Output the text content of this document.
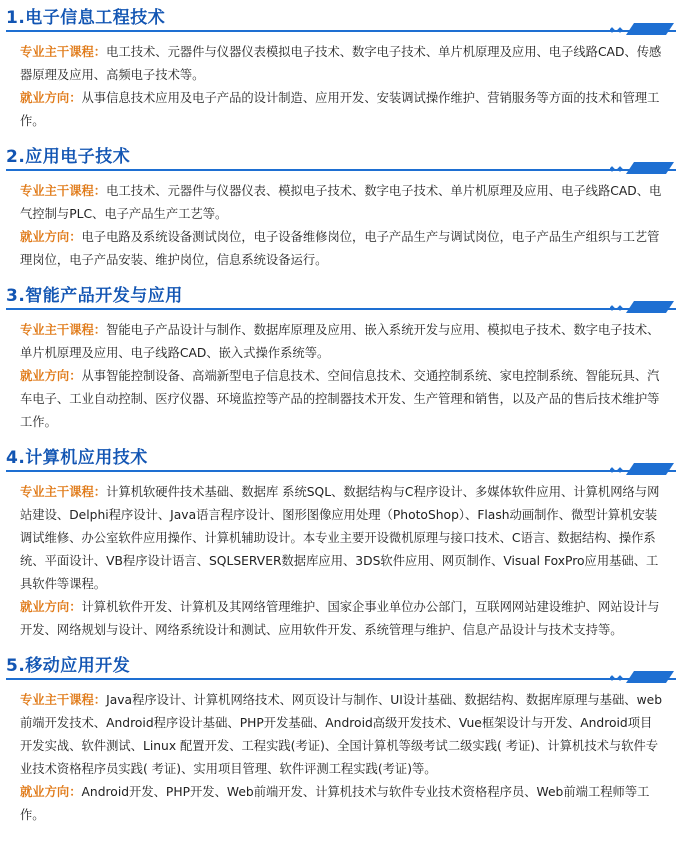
1.电子信息工程技术

专业主干课程：电工技术、元器件与仪器仪表模拟电子技术、数字电子技术、单片机原理及应用、电子线路CAD、传感器原理及应用、高频电子技术等。

就业方向：从事信息技术应用及电子产品的设计制造、应用开发、安装调试操作维护、营销服务等方面的技术和管理工作。

2.应用电子技术

专业主干课程：电工技术、元器件与仪器仪表、模拟电子技术、数字电子技术、单片机原理及应用、电子线路CAD、电气控制与PLC、电子产品生产工艺等。

就业方向：电子电路及系统设备测试岗位，电子设备维修岗位，电子产品生产与调试岗位，电子产品生产组织与工艺管理岗位，电子产品安装、维护岗位，信息系统设备运行。

3.智能产品开发与应用

专业主干课程：智能电子产品设计与制作、数据库原理及应用、嵌入系统开发与应用、模拟电子技术、数字电子技术、单片机原理及应用、电子线路CAD、嵌入式操作系统等。

就业方向：从事智能控制设备、高端新型电子信息技术、空间信息技术、交通控制系统、家电控制系统、智能玩具、汽车电子、工业自动控制、医疗仪器、环境监控等产品的控制器技术开发、生产管理和销售，以及产品的售后技术维护等工作。

4.计算机应用技术

专业主干课程：计算机软硬件技术基础、数据库 系统SQL、数据结构与C程序设计、多媒体软件应用、计算机网络与网站建设、Delphi程序设计、Java语言程序设计、图形图像应用处理（PhotoShop）、Flash动画制作、微型计算机安装调试维修、办公室软件应用操作、计算机辅助设计。本专业主要开设微机原理与接口技术、C语言、数据结构、操作系统、平面设计、VB程序设计语言、SQLSERVER数据库应用、3DS软件应用、网页制作、Visual FoxPro应用基础、工具软件等课程。

就业方向：计算机软件开发、计算机及其网络管理维护、国家企事业单位办公部门，互联网网站建设维护、网站设计与开发、网络规划与设计、网络系统设计和测试、应用软件开发、系统管理与维护、信息产品设计与技术支持等。

5.移动应用开发

专业主干课程：Java程序设计、计算机网络技术、网页设计与制作、UI设计基础、数据结构、数据库原理与基础、web前端开发技术、Android程序设计基础、PHP开发基础、Android高级开发技术、Vue框架设计与开发、Android项目开发实战、软件测试、Linux 配置开发、工程实践(考证)、全国计算机等级考试二级实践( 考证)、计算机技术与软件专业技术资格程序员实践( 考证)、实用项目管理、软件评测工程实践(考证)等。

就业方向：Android开发、PHP开发、Web前端开发、计算机技术与软件专业技术资格程序员、Web前端工程师等工作。
